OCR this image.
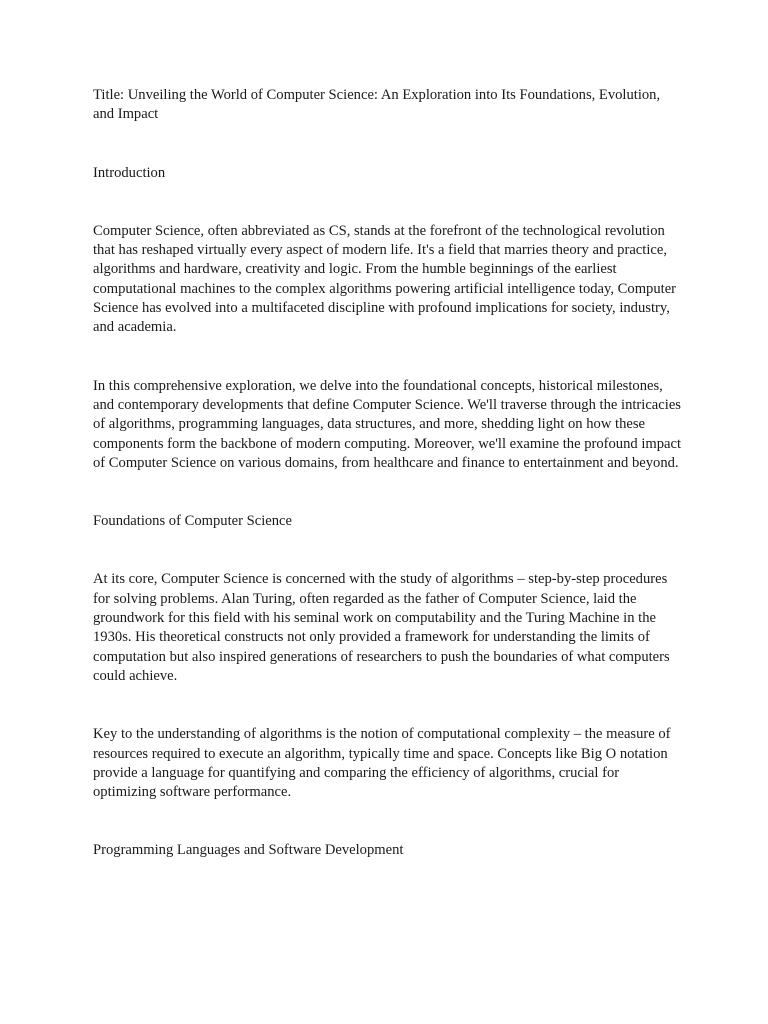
Title: Unveiling the World of Computer Science: An Exploration into Its Foundations, Evolution, and Impact

Introduction

Computer Science, often abbreviated as CS, stands at the forefront of the technological revolution that has reshaped virtually every aspect of modern life. It's a field that marries theory and practice, algorithms and hardware, creativity and logic. From the humble beginnings of the earliest computational machines to the complex algorithms powering artificial intelligence today, Computer Science has evolved into a multifaceted discipline with profound implications for society, industry, and academia.

In this comprehensive exploration, we delve into the foundational concepts, historical milestones, and contemporary developments that define Computer Science. We'll traverse through the intricacies of algorithms, programming languages, data structures, and more, shedding light on how these components form the backbone of modern computing. Moreover, we'll examine the profound impact of Computer Science on various domains, from healthcare and finance to entertainment and beyond.

Foundations of Computer Science

At its core, Computer Science is concerned with the study of algorithms – step-by-step procedures for solving problems. Alan Turing, often regarded as the father of Computer Science, laid the groundwork for this field with his seminal work on computability and the Turing Machine in the 1930s. His theoretical constructs not only provided a framework for understanding the limits of computation but also inspired generations of researchers to push the boundaries of what computers could achieve.

Key to the understanding of algorithms is the notion of computational complexity – the measure of resources required to execute an algorithm, typically time and space. Concepts like Big O notation provide a language for quantifying and comparing the efficiency of algorithms, crucial for optimizing software performance.

Programming Languages and Software Development
